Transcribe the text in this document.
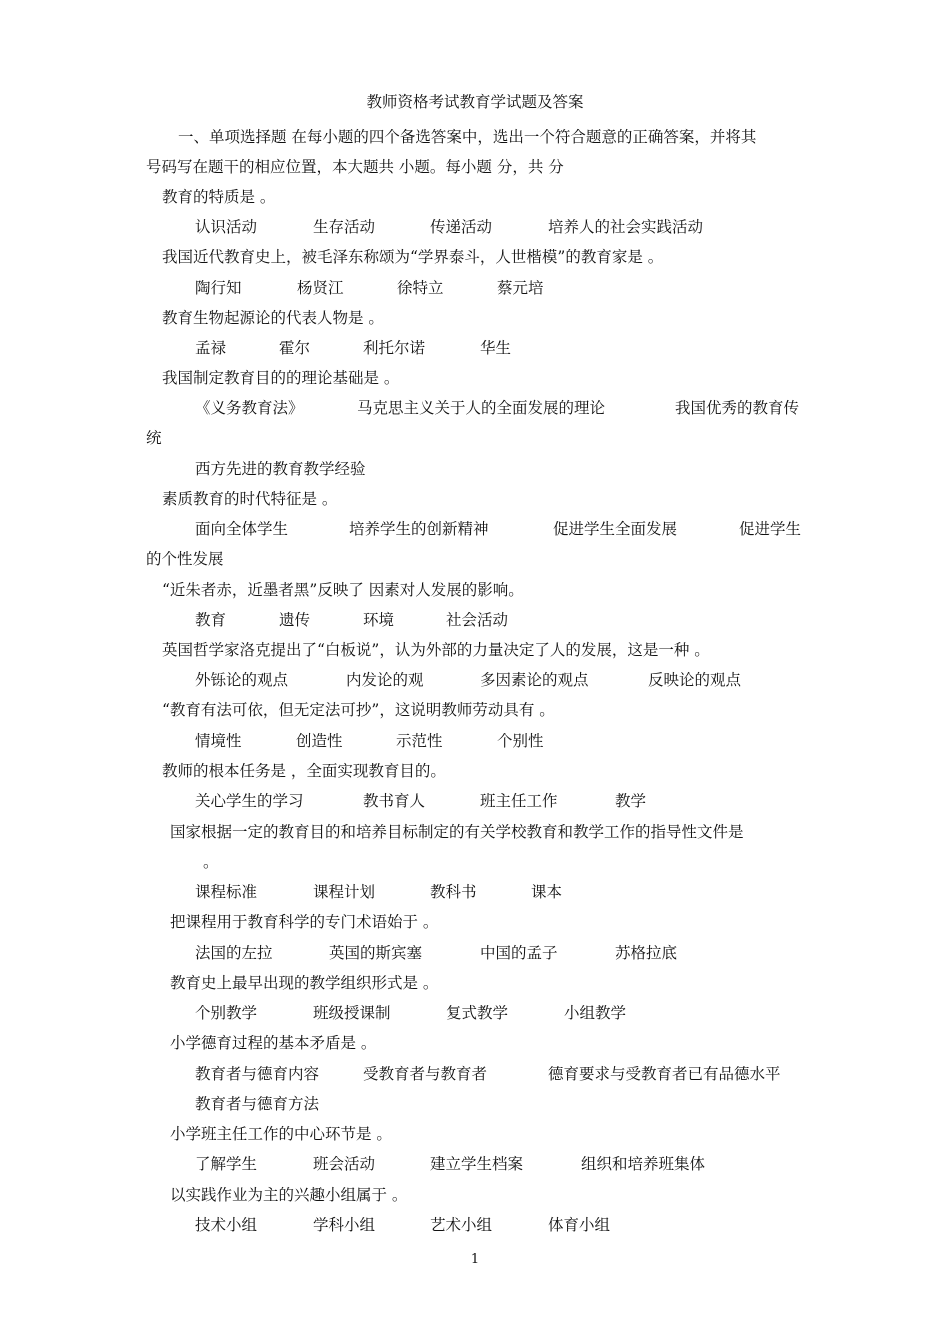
教师资格考试教育学试题及答案
一、单项选择题 在每小题的四个备选答案中，选出一个符合题意的正确答案，并将其
号码写在题干的相应位置，本大题共 小题。每小题 分，共 分
教育的特质是 。
认识活动	生存活动	传递活动	培养人的社会实践活动
我国近代教育史上，被毛泽东称颂为“学界泰斗，人世楷模”的教育家是 。
陶行知	杨贤江	徐特立	蔡元培
教育生物起源论的代表人物是 。
孟禄	霍尔	利托尔诺	华生
我国制定教育目的的理论基础是 。
《义务教育法》	马克思主义关于人的全面发展的理论	我国优秀的教育传
统
西方先进的教育教学经验
素质教育的时代特征是 。
面向全体学生	培养学生的创新精神	促进学生全面发展	促进学生
的个性发展
“近朱者赤，近墨者黑”反映了 因素对人发展的影响。
教育	遗传	环境	社会活动
英国哲学家洛克提出了“白板说”，认为外部的力量决定了人的发展，这是一种 。
外铄论的观点	内发论的观	多因素论的观点	反映论的观点
“教育有法可依，但无定法可抄”，这说明教师劳动具有 。
情境性	创造性	示范性	个别性
教师的根本任务是 ，全面实现教育目的。
关心学生的学习	教书育人	班主任工作	教学
国家根据一定的教育目的和培养目标制定的有关学校教育和教学工作的指导性文件是
。
课程标准	课程计划	教科书	课本
把课程用于教育科学的专门术语始于 。
法国的左拉	英国的斯宾塞	中国的孟子	苏格拉底
教育史上最早出现的教学组织形式是 。
个别教学	班级授课制	复式教学	小组教学
小学德育过程的基本矛盾是 。
教育者与德育内容	受教育者与教育者	德育要求与受教育者已有品德水平
教育者与德育方法
小学班主任工作的中心环节是 。
了解学生	班会活动	建立学生档案	组织和培养班集体
以实践作业为主的兴趣小组属于 。
技术小组	学科小组	艺术小组	体育小组
1
